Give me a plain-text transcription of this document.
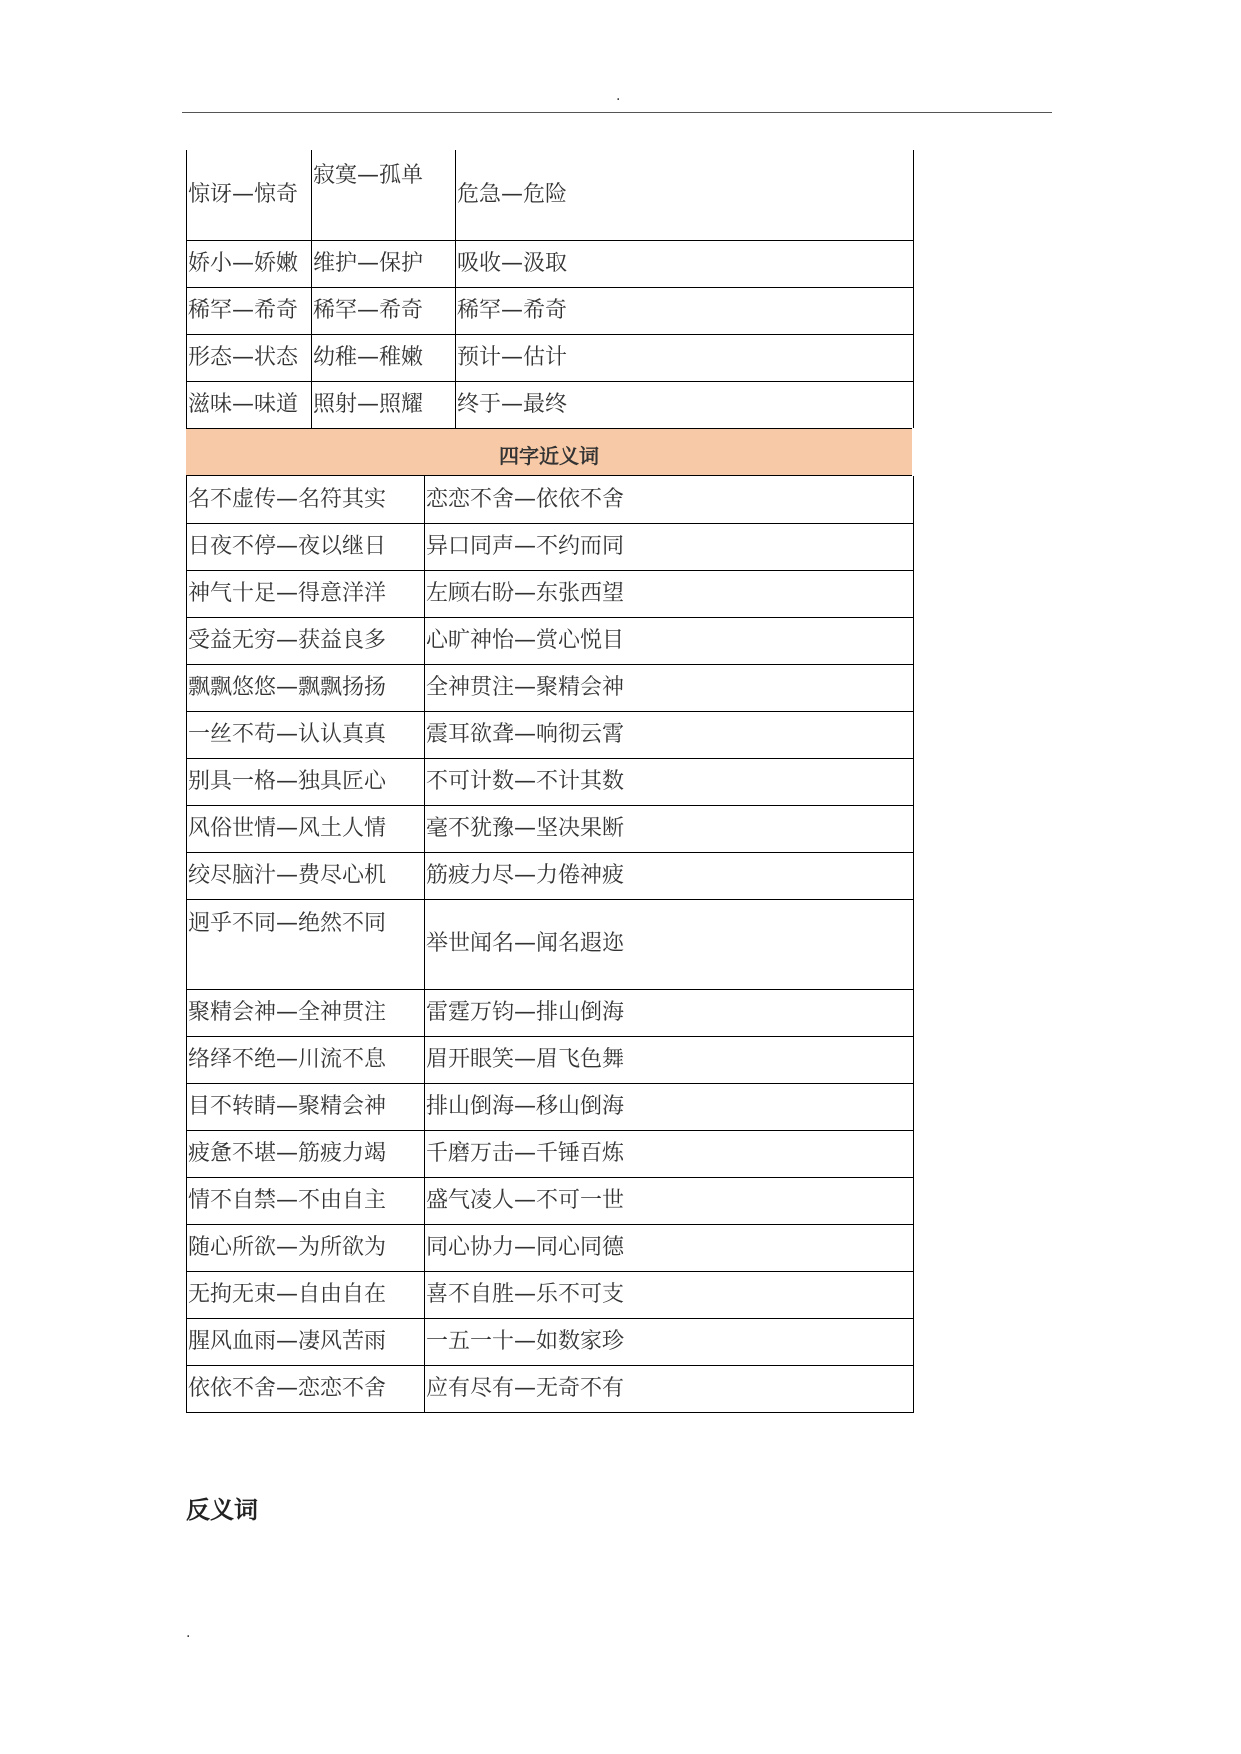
.
四字近义词
反义词
.
惊讶—惊奇
寂寞—孤单
危急—危险
娇小—娇嫩 维护—保护 吸收—汲取
稀罕—希奇 稀罕—希奇 稀罕—希奇
形态—状态 幼稚—稚嫩 预计—估计
滋味—味道 照射—照耀 终于—最终
名不虚传—名符其实 恋恋不舍—依依不舍
日夜不停—夜以继日 异口同声—不约而同
神气十足—得意洋洋 左顾右盼—东张西望
受益无穷—获益良多 心旷神怡—赏心悦目
飘飘悠悠—飘飘扬扬 全神贯注—聚精会神
一丝不苟—认认真真 震耳欲聋—响彻云霄
别具一格—独具匠心 不可计数—不计其数
风俗世情—风土人情 毫不犹豫—坚决果断
绞尽脑汁—费尽心机 筋疲力尽—力倦神疲
迥乎不同—绝然不同
举世闻名—闻名遐迩
聚精会神—全神贯注 雷霆万钧—排山倒海
络绎不绝—川流不息 眉开眼笑—眉飞色舞
目不转睛—聚精会神 排山倒海—移山倒海
疲惫不堪—筋疲力竭 千磨万击—千锤百炼
情不自禁—不由自主 盛气凌人—不可一世
随心所欲—为所欲为 同心协力—同心同德
无拘无束—自由自在 喜不自胜—乐不可支
腥风血雨—凄风苦雨 一五一十—如数家珍
依依不舍—恋恋不舍 应有尽有—无奇不有
